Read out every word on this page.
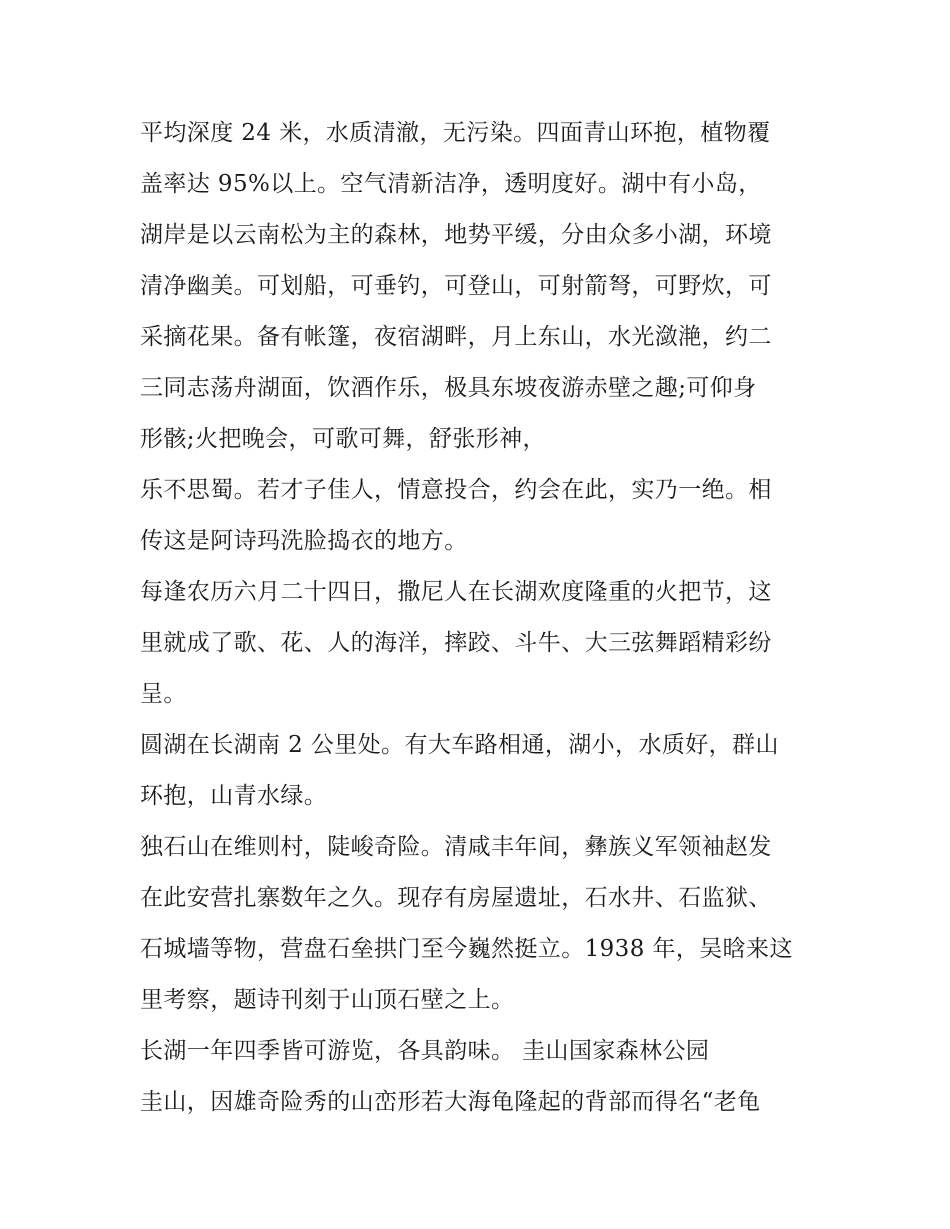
平均深度 24 米，水质清澈，无污染。四面青山环抱，植物覆
盖率达 95%以上。空气清新洁净，透明度好。湖中有小岛，
湖岸是以云南松为主的森林，地势平缓，分由众多小湖，环境
清净幽美。可划船，可垂钓，可登山，可射箭弩，可野炊，可
采摘花果。备有帐篷，夜宿湖畔，月上东山，水光潋滟，约二
三同志荡舟湖面，饮酒作乐，极具东坡夜游赤壁之趣;可仰身
形骸;火把晚会，可歌可舞，舒张形神，
乐不思蜀。若才子佳人，情意投合，约会在此，实乃一绝。相
传这是阿诗玛洗脸捣衣的地方。
每逢农历六月二十四日，撒尼人在长湖欢度隆重的火把节，这
里就成了歌、花、人的海洋，摔跤、斗牛、大三弦舞蹈精彩纷
呈。
圆湖在长湖南 2 公里处。有大车路相通，湖小，水质好，群山
环抱，山青水绿。
独石山在维则村，陡峻奇险。清咸丰年间，彝族义军领袖赵发
在此安营扎寨数年之久。现存有房屋遗址，石水井、石监狱、
石城墙等物，营盘石垒拱门至今巍然挺立。1938 年，吴晗来这
里考察，题诗刊刻于山顶石壁之上。
长湖一年四季皆可游览，各具韵味。 圭山国家森林公园
圭山，因雄奇险秀的山峦形若大海龟隆起的背部而得名“老龟
